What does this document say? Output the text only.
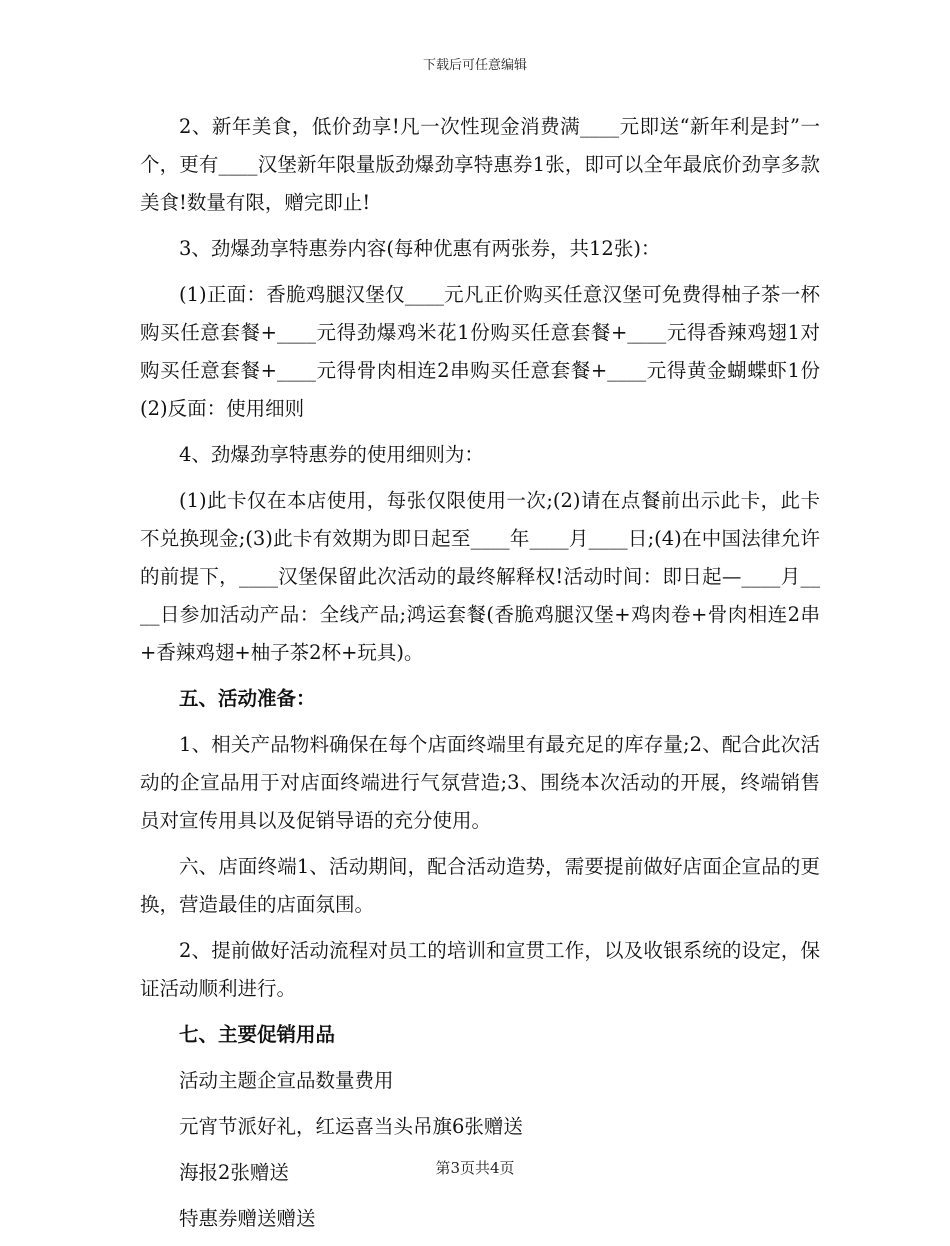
下载后可任意编辑

2、新年美食，低价劲享!凡一次性现金消费满____元即送“新年利是封”一个，更有____汉堡新年限量版劲爆劲享特惠券1张，即可以全年最底价劲享多款美食!数量有限，赠完即止!

3、劲爆劲享特惠券内容(每种优惠有两张券，共12张)：

(1)正面：香脆鸡腿汉堡仅____元凡正价购买任意汉堡可免费得柚子茶一杯购买任意套餐+____元得劲爆鸡米花1份购买任意套餐+____元得香辣鸡翅1对购买任意套餐+____元得骨肉相连2串购买任意套餐+____元得黄金蝴蝶虾1份(2)反面：使用细则

4、劲爆劲享特惠券的使用细则为：

(1)此卡仅在本店使用，每张仅限使用一次;(2)请在点餐前出示此卡，此卡不兑换现金;(3)此卡有效期为即日起至____年____月____日;(4)在中国法律允许的前提下，____汉堡保留此次活动的最终解释权!活动时间：即日起—____月____日参加活动产品：全线产品;鸿运套餐(香脆鸡腿汉堡+鸡肉卷+骨肉相连2串+香辣鸡翅+柚子茶2杯+玩具)。

五、活动准备：

1、相关产品物料确保在每个店面终端里有最充足的库存量;2、配合此次活动的企宣品用于对店面终端进行气氛营造;3、围绕本次活动的开展，终端销售员对宣传用具以及促销导语的充分使用。

六、店面终端1、活动期间，配合活动造势，需要提前做好店面企宣品的更换，营造最佳的店面氛围。

2、提前做好活动流程对员工的培训和宣贯工作，以及收银系统的设定，保证活动顺利进行。

七、主要促销用品

活动主题企宣品数量费用

元宵节派好礼，红运喜当头吊旗6张赠送

海报2张赠送

特惠券赠送赠送

第3页共4页
